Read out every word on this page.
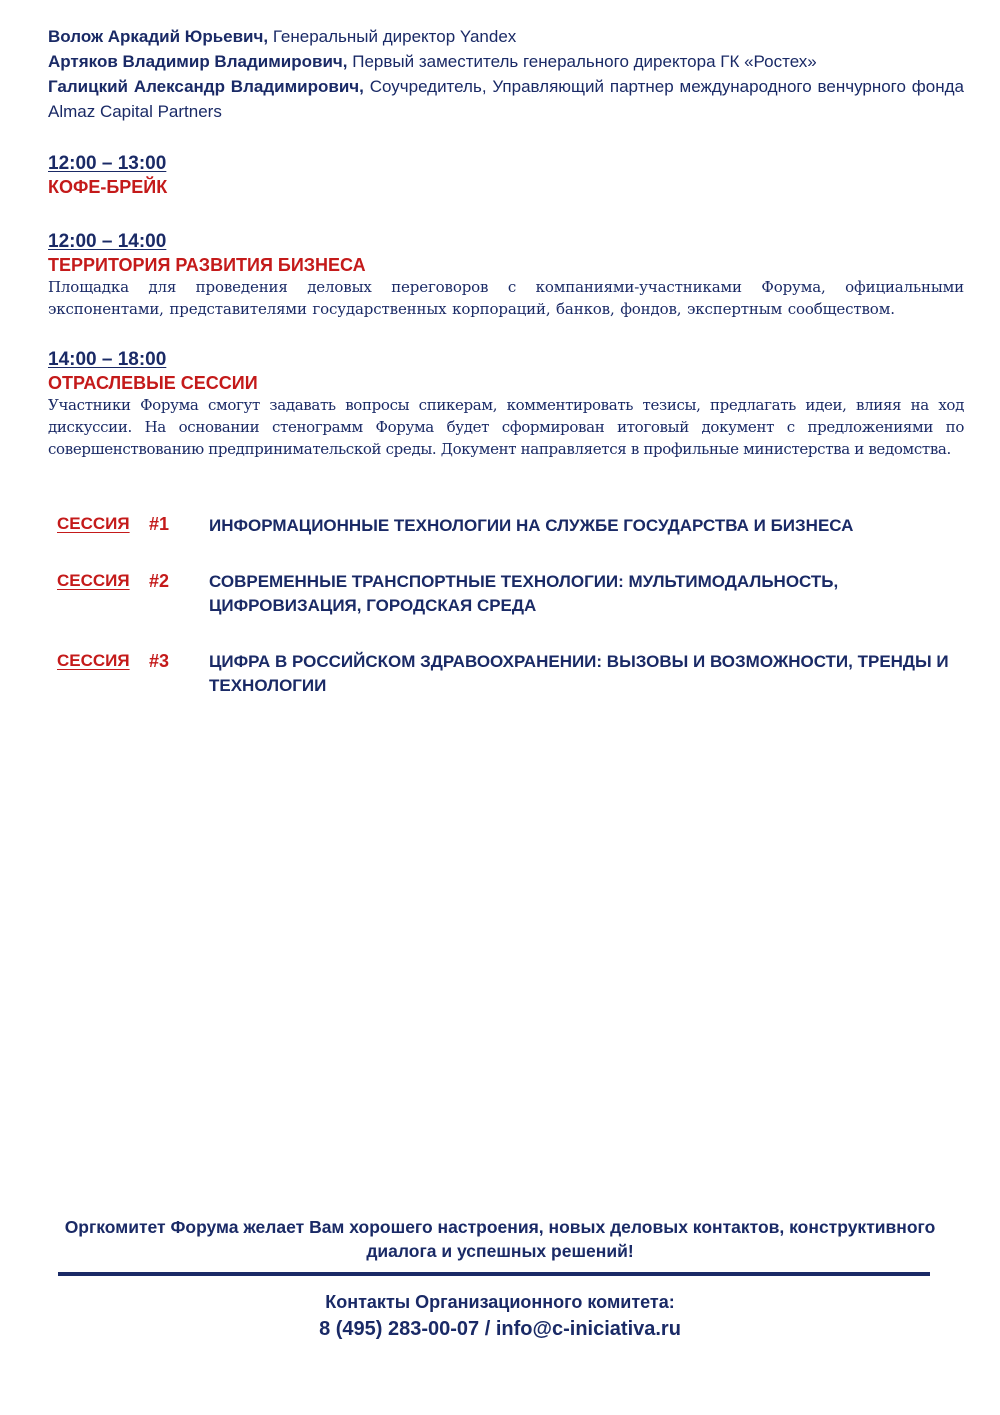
Волож Аркадий Юрьевич, Генеральный директор Yandex
Артяков Владимир Владимирович, Первый заместитель генерального директора ГК «Ростех»
Галицкий Александр Владимирович, Соучредитель, Управляющий партнер международного венчурного фонда Almaz Capital Partners
12:00 – 13:00
КОФЕ-БРЕЙК
12:00 – 14:00
ТЕРРИТОРИЯ РАЗВИТИЯ БИЗНЕСА
Площадка для проведения деловых переговоров с компаниями-участниками Форума, официальными экспонентами, представителями государственных корпораций, банков, фондов, экспертным сообществом.
14:00 – 18:00
ОТРАСЛЕВЫЕ СЕССИИ
Участники Форума смогут задавать вопросы спикерам, комментировать тезисы, предлагать идеи, влияя на ход дискуссии. На основании стенограмм Форума будет сформирован итоговый документ с предложениями по совершенствованию предпринимательской среды. Документ направляется в профильные министерства и ведомства.
СЕССИЯ #1 ИНФОРМАЦИОННЫЕ ТЕХНОЛОГИИ НА СЛУЖБЕ ГОСУДАРСТВА И БИЗНЕСА
СЕССИЯ #2 СОВРЕМЕННЫЕ ТРАНСПОРТНЫЕ ТЕХНОЛОГИИ: МУЛЬТИМОДАЛЬНОСТЬ, ЦИФРОВИЗАЦИЯ, ГОРОДСКАЯ СРЕДА
СЕССИЯ #3 ЦИФРА В РОССИЙСКОМ ЗДРАВООХРАНЕНИИ: ВЫЗОВЫ И ВОЗМОЖНОСТИ, ТРЕНДЫ И ТЕХНОЛОГИИ
Оргкомитет Форума желает Вам хорошего настроения, новых деловых контактов, конструктивного диалога и успешных решений!
Контакты Организационного комитета:
8 (495) 283-00-07 / info@c-iniciativa.ru
